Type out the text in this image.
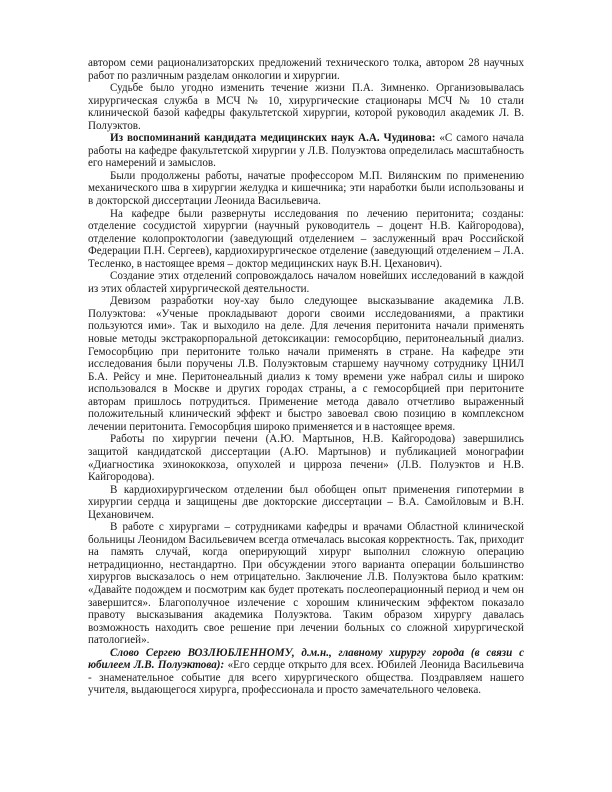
автором семи рационализаторских предложений технического толка, автором 28 научных работ по различным разделам онкологии и хирургии.

Судьбе было угодно изменить течение жизни П.А. Зимненко. Организовывалась хирургическая служба в МСЧ № 10, хирургические стационары МСЧ № 10 стали клинической базой кафедры факультетской хирургии, которой руководил академик Л. В. Полуэктов.

Из воспоминаний кандидата медицинских наук А.А. Чудинова: «С самого начала работы на кафедре факультетской хирургии у Л.В. Полуэктова определилась масштабность его намерений и замыслов.

Были продолжены работы, начатые профессором М.П. Вилянским по применению механического шва в хирургии желудка и кишечника; эти наработки были использованы и в докторской диссертации Леонида Васильевича.

На кафедре были развернуты исследования по лечению перитонита; созданы: отделение сосудистой хирургии (научный руководитель – доцент Н.В. Кайгородова), отделение колопроктологии (заведующий отделением – заслуженный врач Российской Федерации П.Н. Сергеев), кардиохирургическое отделение (заведующий отделением – Л.А. Тесленко, в настоящее время – доктор медицинских наук В.Н. Цеханович).

Создание этих отделений сопровождалось началом новейших исследований в каждой из этих областей хирургической деятельности.

Девизом разработки ноу-хау было следующее высказывание академика Л.В. Полуэктова: «Ученые прокладывают дороги своими исследованиями, а практики пользуются ими». Так и выходило на деле. Для лечения перитонита начали применять новые методы экстракорпоральной детоксикации: гемосорбцию, перитонеальный диализ. Гемосорбцию при перитоните только начали применять в стране. На кафедре эти исследования были поручены Л.В. Полуэктовым старшему научному сотруднику ЦНИЛ Б.А. Рейсу и мне. Перитонеальный диализ к тому времени уже набрал силы и широко использовался в Москве и других городах страны, а с гемосорбцией при перитоните авторам пришлось потрудиться. Применение метода давало отчетливо выраженный положительный клинический эффект и быстро завоевал свою позицию в комплексном лечении перитонита. Гемосорбция широко применяется и в настоящее время.

Работы по хирургии печени (А.Ю. Мартынов, Н.В. Кайгородова) завершились защитой кандидатской диссертации (А.Ю. Мартынов) и публикацией монографии «Диагностика эхинококкоза, опухолей и цирроза печени» (Л.В. Полуэктов и Н.В. Кайгородова).

В кардиохирургическом отделении был обобщен опыт применения гипотермии в хирургии сердца и защищены две докторские диссертации – В.А. Самойловым и В.Н. Цехановичем.

В работе с хирургами – сотрудниками кафедры и врачами Областной клинической больницы Леонидом Васильевичем всегда отмечалась высокая корректность. Так, приходит на память случай, когда оперирующий хирург выполнил сложную операцию нетрадиционно, нестандартно. При обсуждении этого варианта операции большинство хирургов высказалось о нем отрицательно. Заключение Л.В. Полуэктова было кратким: «Давайте подождем и посмотрим как будет протекать послеоперационный период и чем он завершится». Благополучное излечение с хорошим клиническим эффектом показало правоту высказывания академика Полуэктова. Таким образом хирургу давалась возможность находить свое решение при лечении больных со сложной хирургической патологией».

Слово Сергею ВОЗЛЮБЛЕННОМУ, д.м.н., главному хирургу города (в связи с юбилеем Л.В. Полуэктова): «Его сердце открыто для всех. Юбилей Леонида Васильевича - знаменательное событие для всего хирургического общества. Поздравляем нашего учителя, выдающегося хирурга, профессионала и просто замечательного человека.
